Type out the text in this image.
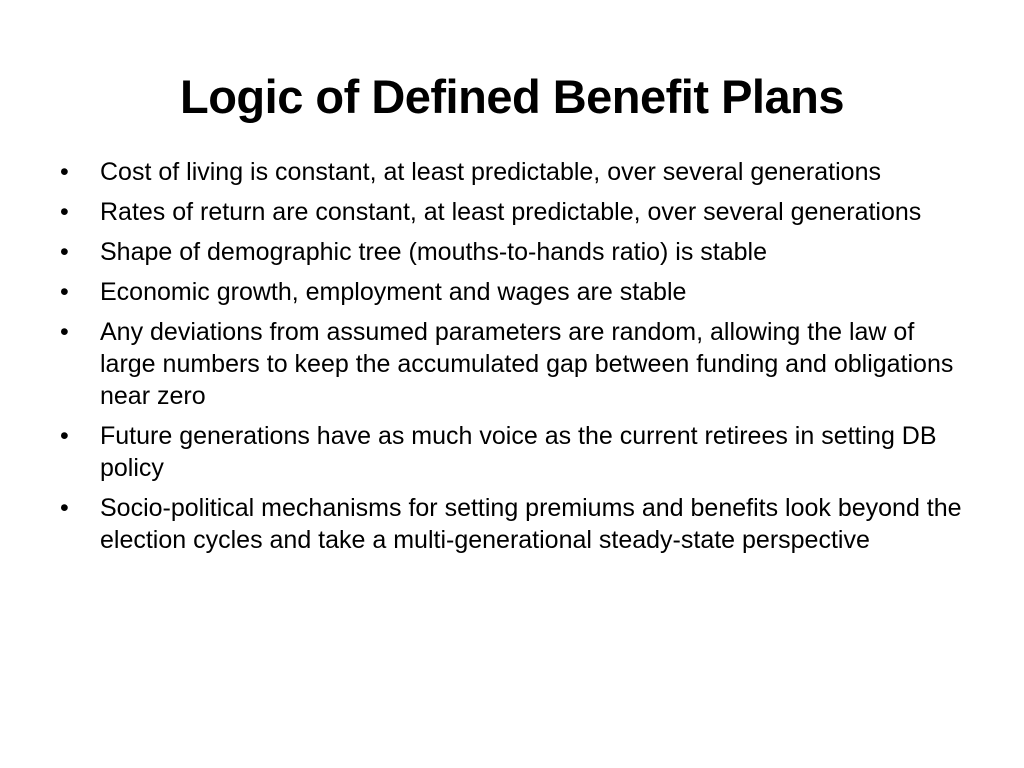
Logic of Defined Benefit Plans
•	Cost of living is constant, at least predictable, over several generations
•	Rates of return are constant, at least predictable, over several generations
•	Shape of demographic tree (mouths-to-hands ratio) is stable
•	Economic growth, employment and wages are stable
•	Any deviations from assumed parameters are random, allowing the law of large numbers to keep the accumulated gap between funding and obligations near zero
•	Future generations have as much voice as the current retirees in setting DB policy
•	Socio-political mechanisms for setting premiums and benefits look beyond the election cycles and take a multi-generational steady-state perspective
